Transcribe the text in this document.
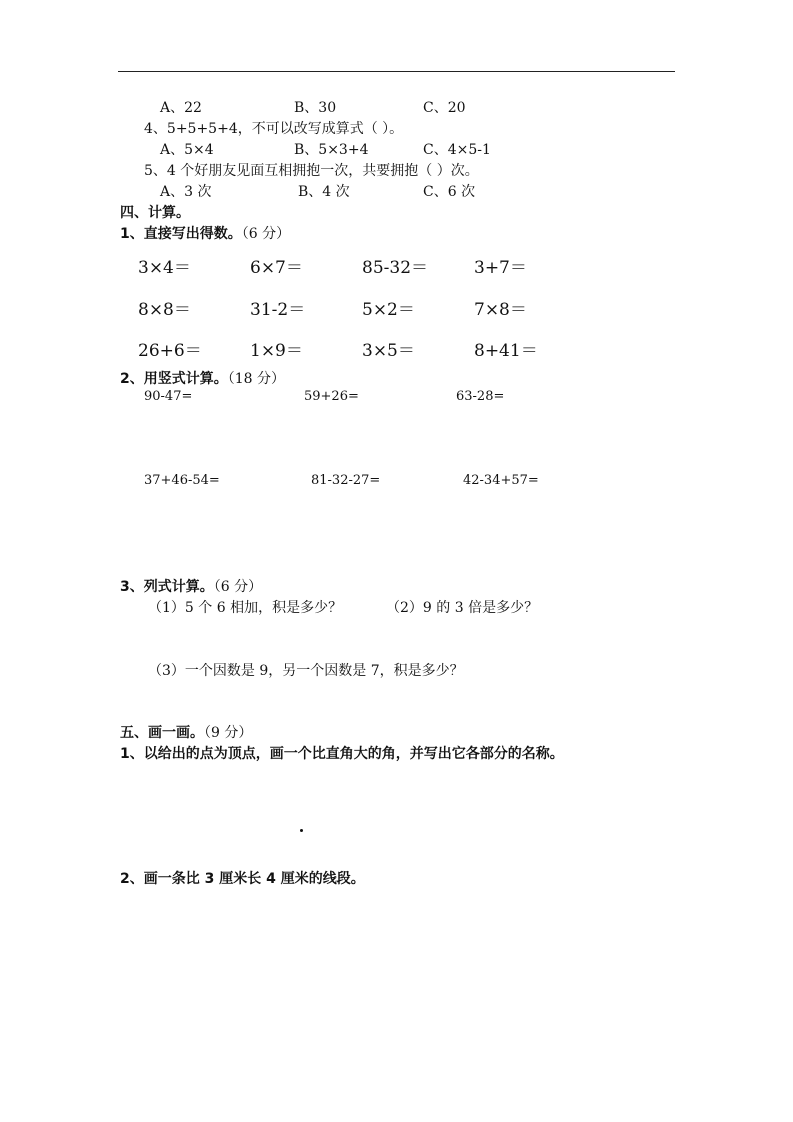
A、22	B、30	C、20
4、5+5+5+4，不可以改写成算式（ ）。
A、5×4	B、5×3+4	C、4×5-1
5、4 个好朋友见面互相拥抱一次，共要拥抱（ ）次。
A、3 次	B、4 次	C、6 次
四、计算。
1、直接写出得数。（6 分）
3×4＝	6×7＝	85-32＝	3+7＝
8×8＝	31-2＝	5×2＝	7×8＝
26+6＝	1×9＝	3×5＝	8+41＝
2、用竖式计算。（18 分）
90-47=	59+26=	63-28=
37+46-54=	81-32-27=	42-34+57=
3、列式计算。（6 分）
（1）5 个 6 相加，积是多少？	（2）9 的 3 倍是多少？
（3）一个因数是 9，另一个因数是 7，积是多少？
五、画一画。（9 分）
1、以给出的点为顶点，画一个比直角大的角，并写出它各部分的名称。
2、画一条比 3 厘米长 4 厘米的线段。
